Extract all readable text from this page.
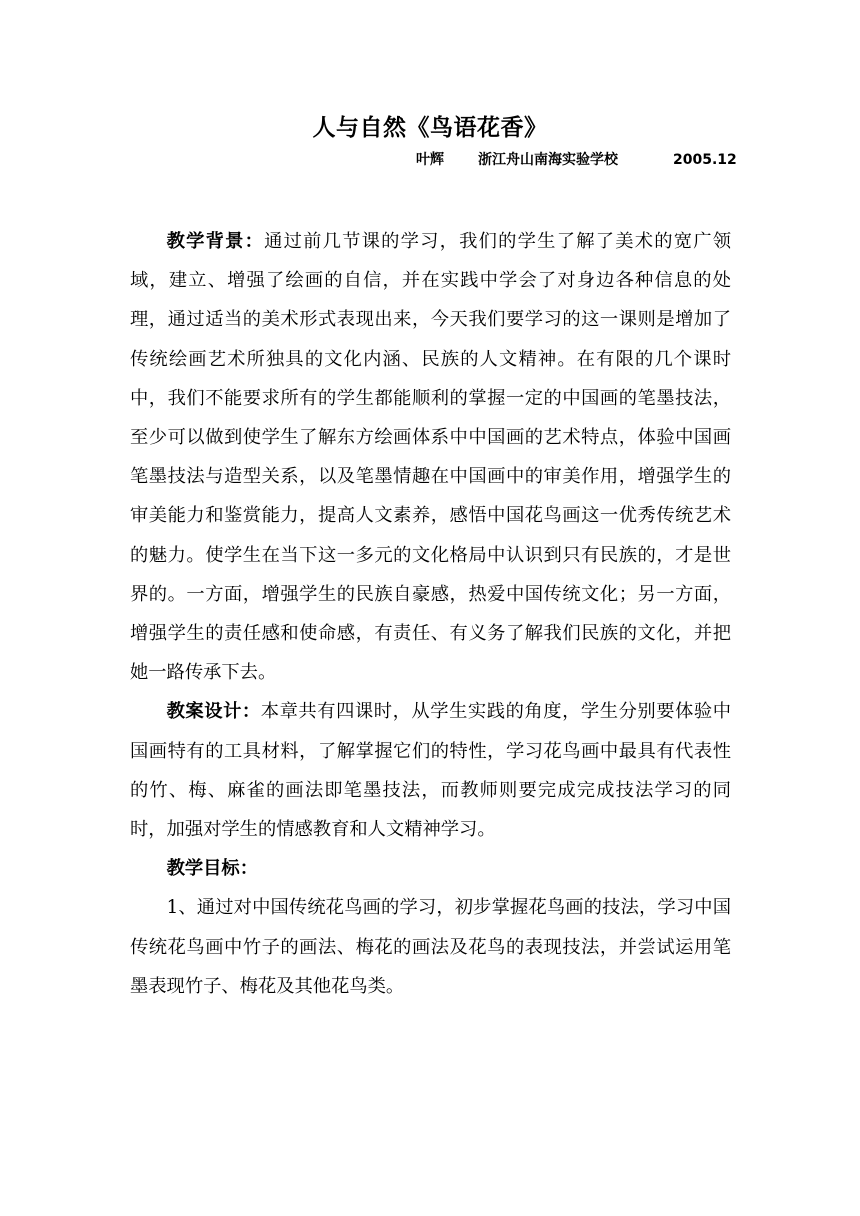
人与自然《鸟语花香》
叶辉 浙江舟山南海实验学校	2005.12

教学背景：通过前几节课的学习，我们的学生了解了美术的宽广领域，建立、增强了绘画的自信，并在实践中学会了对身边各种信息的处理，通过适当的美术形式表现出来，今天我们要学习的这一课则是增加了传统绘画艺术所独具的文化内涵、民族的人文精神。在有限的几个课时中，我们不能要求所有的学生都能顺利的掌握一定的中国画的笔墨技法，至少可以做到使学生了解东方绘画体系中中国画的艺术特点，体验中国画笔墨技法与造型关系，以及笔墨情趣在中国画中的审美作用，增强学生的审美能力和鉴赏能力，提高人文素养，感悟中国花鸟画这一优秀传统艺术的魅力。使学生在当下这一多元的文化格局中认识到只有民族的，才是世界的。一方面，增强学生的民族自豪感，热爱中国传统文化；另一方面，增强学生的责任感和使命感，有责任、有义务了解我们民族的文化，并把她一路传承下去。

教案设计：本章共有四课时，从学生实践的角度，学生分别要体验中国画特有的工具材料，了解掌握它们的特性，学习花鸟画中最具有代表性的竹、梅、麻雀的画法即笔墨技法，而教师则要完成完成技法学习的同时，加强对学生的情感教育和人文精神学习。

教学目标：

1、通过对中国传统花鸟画的学习，初步掌握花鸟画的技法，学习中国传统花鸟画中竹子的画法、梅花的画法及花鸟的表现技法，并尝试运用笔墨表现竹子、梅花及其他花鸟类。
